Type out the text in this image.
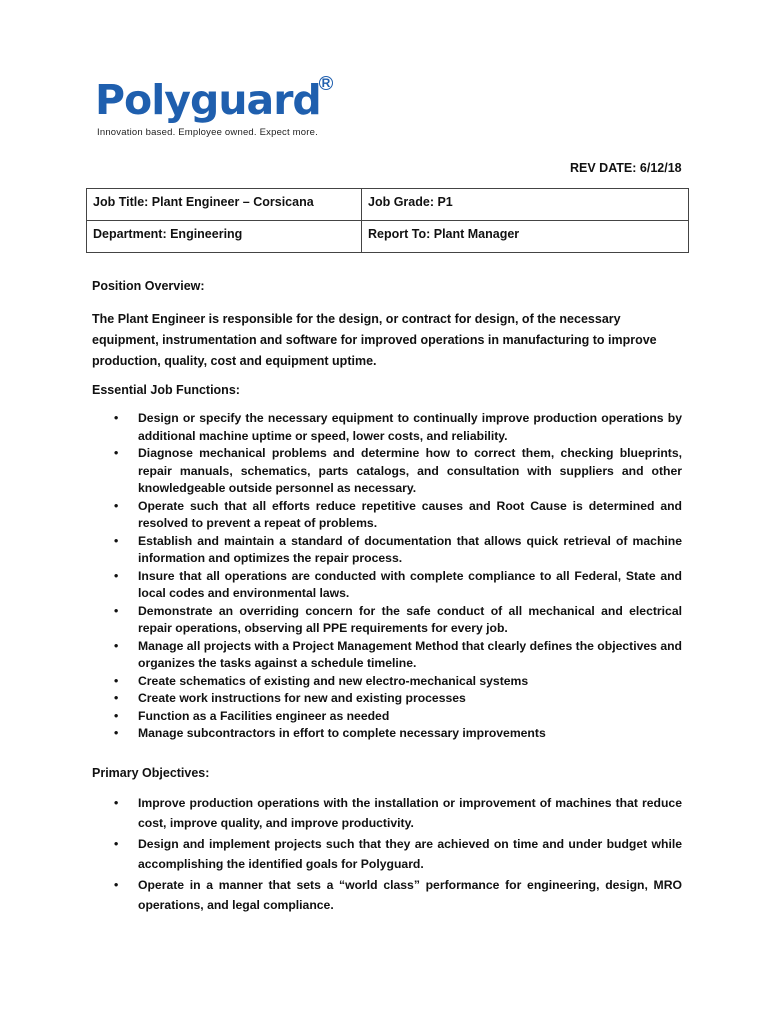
Polyguard R
Innovation based. Employee owned. Expect more.
REV DATE: 6/12/18
Job Title: Plant Engineer – Corsicana	Job Grade: P1
Department: Engineering	Report To: Plant Manager
Position Overview:
The Plant Engineer is responsible for the design, or contract for design, of the necessary equipment, instrumentation and software for improved operations in manufacturing to improve production, quality, cost and equipment uptime.
Essential Job Functions:
• Design or specify the necessary equipment to continually improve production operations by additional machine uptime or speed, lower costs, and reliability.
• Diagnose mechanical problems and determine how to correct them, checking blueprints, repair manuals, schematics, parts catalogs, and consultation with suppliers and other knowledgeable outside personnel as necessary.
• Operate such that all efforts reduce repetitive causes and Root Cause is determined and resolved to prevent a repeat of problems.
• Establish and maintain a standard of documentation that allows quick retrieval of machine information and optimizes the repair process.
• Insure that all operations are conducted with complete compliance to all Federal, State and local codes and environmental laws.
• Demonstrate an overriding concern for the safe conduct of all mechanical and electrical repair operations, observing all PPE requirements for every job.
• Manage all projects with a Project Management Method that clearly defines the objectives and organizes the tasks against a schedule timeline.
• Create schematics of existing and new electro-mechanical systems
• Create work instructions for new and existing processes
• Function as a Facilities engineer as needed
• Manage subcontractors in effort to complete necessary improvements
Primary Objectives:
• Improve production operations with the installation or improvement of machines that reduce cost, improve quality, and improve productivity.
• Design and implement projects such that they are achieved on time and under budget while accomplishing the identified goals for Polyguard.
• Operate in a manner that sets a “world class” performance for engineering, design, MRO operations, and legal compliance.
